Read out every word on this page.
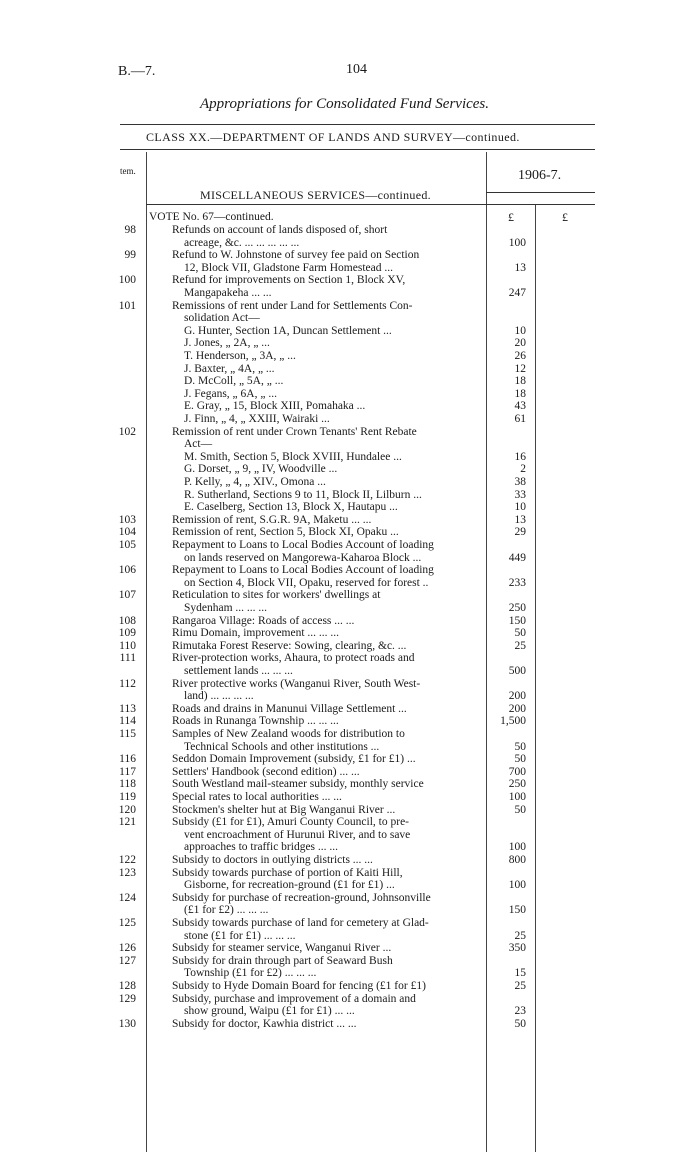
B.—7.	104
Appropriations for Consolidated Fund Services.
CLASS XX.—DEPARTMENT OF LANDS AND SURVEY—continued.
tem.	1906-7.
MISCELLANEOUS SERVICES—continued.
VOTE No. 67—continued.	£	£
98	Refunds on account of lands disposed of, short
acreage, &c. ... ... ... ... ...	100
99	Refund to W. Johnstone of survey fee paid on Section
12, Block VII, Gladstone Farm Homestead ...	13
100	Refund for improvements on Section 1, Block XV,
Mangapakeha ... ...	247
101	Remissions of rent under Land for Settlements Con-
solidation Act—
G. Hunter, Section 1A, Duncan Settlement ...	10
J. Jones, „ 2A, „ ...	20
T. Henderson, „ 3A, „ ...	26
J. Baxter, „ 4A, „ ...	12
D. McColl, „ 5A, „ ...	18
J. Fegans, „ 6A, „ ...	18
E. Gray, „ 15, Block XIII, Pomahaka ...	43
J. Finn, „ 4, „ XXIII, Wairaki ...	61
102	Remission of rent under Crown Tenants' Rent Rebate
Act—
M. Smith, Section 5, Block XVIII, Hundalee ...	16
G. Dorset, „ 9, „ IV, Woodville ...	2
P. Kelly, „ 4, „ XIV., Omona ...	38
R. Sutherland, Sections 9 to 11, Block II, Lilburn ...	33
E. Caselberg, Section 13, Block X, Hautapu ...	10
103	Remission of rent, S.G.R. 9A, Maketu ... ...	13
104	Remission of rent, Section 5, Block XI, Opaku ...	29
105	Repayment to Loans to Local Bodies Account of loading
on lands reserved on Mangorewa-Kaharoa Block ...	449
106	Repayment to Loans to Local Bodies Account of loading
on Section 4, Block VII, Opaku, reserved for forest ..	233
107	Reticulation to sites for workers' dwellings at
Sydenham ... ... ...	250
108	Rangaroa Village: Roads of access ... ...	150
109	Rimu Domain, improvement ... ... ...	50
110	Rimutaka Forest Reserve: Sowing, clearing, &c. ...	25
111	River-protection works, Ahaura, to protect roads and
settlement lands ... ... ...	500
112	River protective works (Wanganui River, South West-
land) ... ... ... ...	200
113	Roads and drains in Manunui Village Settlement ...	200
114	Roads in Runanga Township ... ... ...	1,500
115	Samples of New Zealand woods for distribution to
Technical Schools and other institutions ...	50
116	Seddon Domain Improvement (subsidy, £1 for £1) ...	50
117	Settlers' Handbook (second edition) ... ...	700
118	South Westland mail-steamer subsidy, monthly service	250
119	Special rates to local authorities ... ...	100
120	Stockmen's shelter hut at Big Wanganui River ...	50
121	Subsidy (£1 for £1), Amuri County Council, to pre-
vent encroachment of Hurunui River, and to save
approaches to traffic bridges ... ...	100
122	Subsidy to doctors in outlying districts ... ...	800
123	Subsidy towards purchase of portion of Kaiti Hill,
Gisborne, for recreation-ground (£1 for £1) ...	100
124	Subsidy for purchase of recreation-ground, Johnsonville
(£1 for £2) ... ... ...	150
125	Subsidy towards purchase of land for cemetery at Glad-
stone (£1 for £1) ... ... ...	25
126	Subsidy for steamer service, Wanganui River ...	350
127	Subsidy for drain through part of Seaward Bush
Township (£1 for £2) ... ... ...	15
128	Subsidy to Hyde Domain Board for fencing (£1 for £1)	25
129	Subsidy, purchase and improvement of a domain and
show ground, Waipu (£1 for £1) ... ...	23
130	Subsidy for doctor, Kawhia district ... ...	50
